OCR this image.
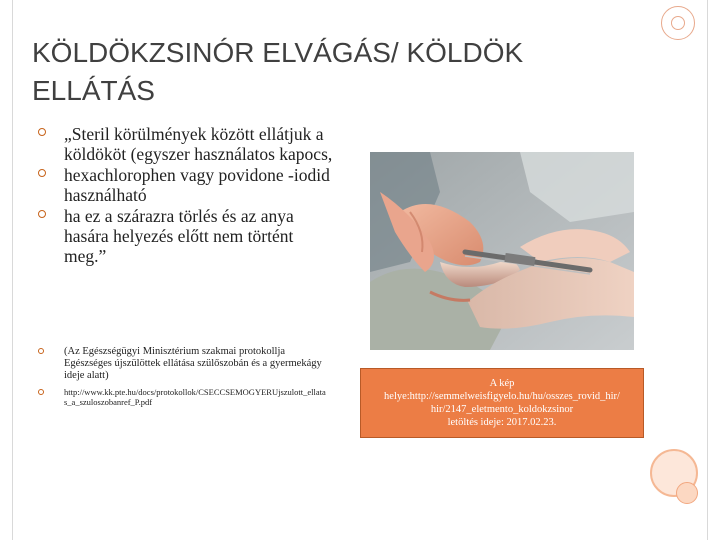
KÖLDÖKZSINÓR ELVÁGÁS/ KÖLDÖK
ELLÁTÁS
„Steril körülmények között ellátjuk a köldököt (egyszer használatos kapocs,
hexachlorophen vagy povidone -iodid használható
ha ez a szárazra törlés és az anya hasára helyezés előtt nem történt meg.”
(Az Egészségügyi Minisztérium szakmai protokollja Egészséges újszülöttek ellátása szülőszobán és a gyermekágy ideje alatt)
http://www.kk.pte.hu/docs/protokollok/CSECCSEMOGYERUjszulott_ellatas_a_szuloszobanref_P.pdf
A kép
helye:http://semmelweisfigyelo.hu/hu/osszes_rovid_hir/
hir/2147_eletmento_koldokzsinor
letöltés ideje: 2017.02.23.
